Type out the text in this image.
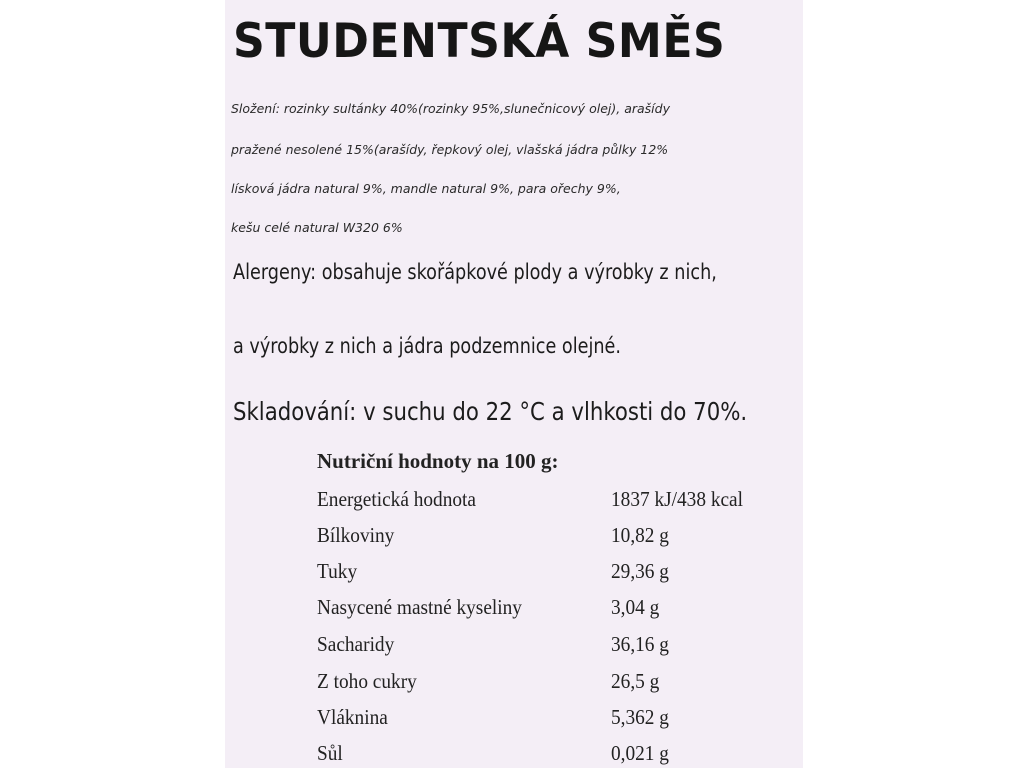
STUDENTSKÁ SMĚS
Složení: rozinky sultánky 40%(rozinky 95%,slunečnicový olej), arašídy
pražené nesolené 15%(arašídy, řepkový olej, vlašská jádra půlky 12%
lísková jádra natural 9%, mandle natural 9%, para ořechy 9%,
kešu celé natural W320 6%
Alergeny: obsahuje skořápkové plody a výrobky z nich,
a výrobky z nich a jádra podzemnice olejné.
Skladování: v suchu do 22 °C a vlhkosti do 70%.
Nutriční hodnoty na 100 g:
Energetická hodnota	1837 kJ/438 kcal
Bílkoviny	10,82 g
Tuky	29,36 g
Nasycené mastné kyseliny	3,04 g
Sacharidy	36,16 g
Z toho cukry	26,5 g
Vláknina	5,362 g
Sůl	0,021 g
